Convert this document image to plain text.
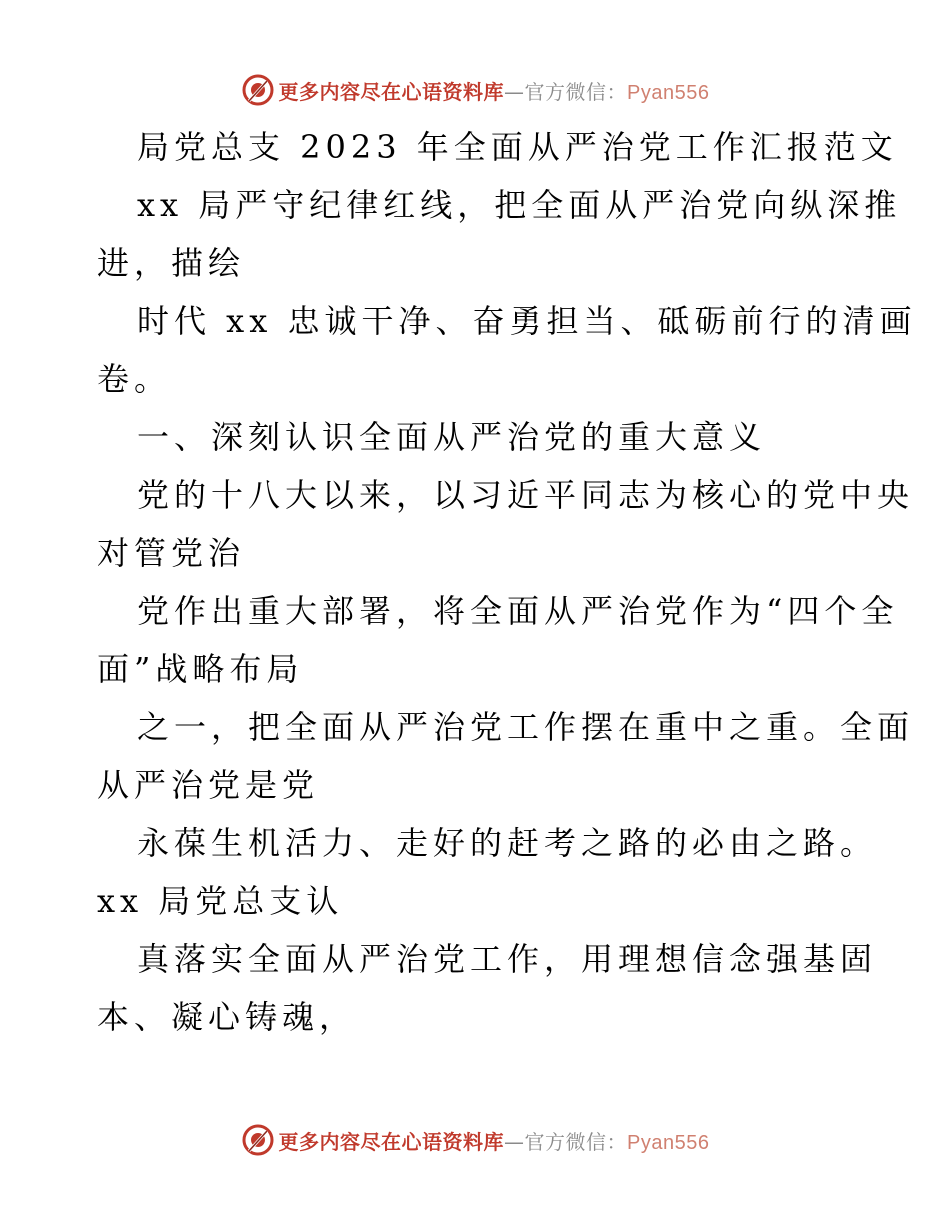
更多内容尽在心语资料库—官方微信：Pyan556
局党总支 2023 年全面从严治党工作汇报范文
xx 局严守纪律红线，把全面从严治党向纵深推
进，描绘
时代 xx 忠诚干净、奋勇担当、砥砺前行的清画
卷。
一、深刻认识全面从严治党的重大意义
党的十八大以来，以习近平同志为核心的党中央
对管党治
党作出重大部署，将全面从严治党作为“四个全
面”战略布局
之一，把全面从严治党工作摆在重中之重。全面
从严治党是党
永葆生机活力、走好的赶考之路的必由之路。
xx 局党总支认
真落实全面从严治党工作，用理想信念强基固
本、凝心铸魂，
更多内容尽在心语资料库—官方微信：Pyan556
